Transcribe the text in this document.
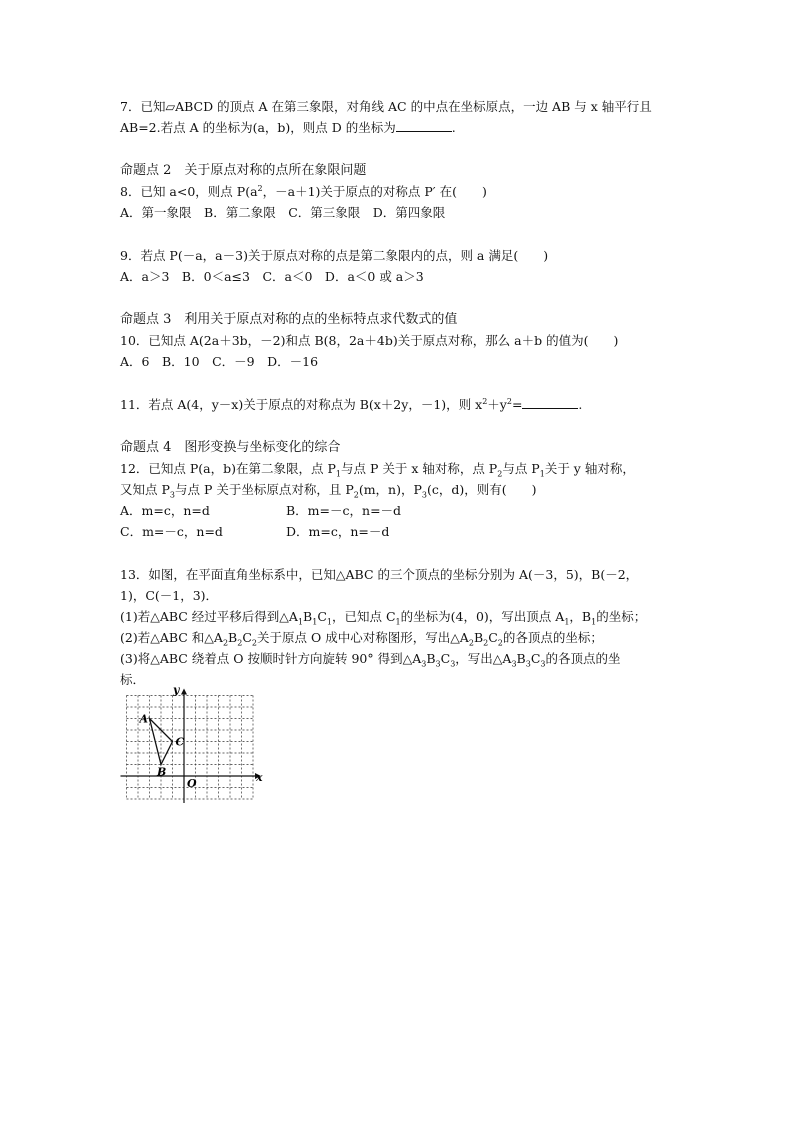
7．已知▱ABCD 的顶点 A 在第三象限，对角线 AC 的中点在坐标原点，一边 AB 与 x 轴平行且
AB=2.若点 A 的坐标为(a，b)，则点 D 的坐标为	.
命题点 2　关于原点对称的点所在象限问题
8．已知 a<0，则点 $P(a^2$，－a＋1)关于原点的对称点 P′ 在(　　)
A．第一象限　B．第二象限　C．第三象限　D．第四象限
9．若点 P(－a，a－3)关于原点对称的点是第二象限内的点，则 a 满足(　　)
A．a＞3　B．0＜a≤3　C．a＜0　D．a＜0 或 a＞3
命题点 3　利用关于原点对称的点的坐标特点求代数式的值
10．已知点 A(2a＋3b，－2)和点 B(8，2a＋4b)关于原点对称，那么 a＋b 的值为(　　)
A．6　B．10　C．－9　D．－16
11．若点 A(4，y－x)关于原点的对称点为 B(x＋2y，－1)，则 $x^2+y^2=$	.
命题点 4　图形变换与坐标变化的综合
12．已知点 P(a，b)在第二象限，点 $P_1$与点 P 关于 x 轴对称，点 $P_2$与点 $P_1$关于 y 轴对称，
又知点 $P_3$与点 P 关于坐标原点对称，且 $P_2(m$，n)，$P_3(c$，d)，则有(　　)
A．m=c，n=d	B．m=－c，n=－d
C．m=－c，n=d	D．m=c，n=－d
13．如图，在平面直角坐标系中，已知△ABC 的三个顶点的坐标分别为 A(－3，5)，B(－2，
1)，C(－1，3)．
(1)若△ABC 经过平移后得到$\triangle A_1B_1C_1$，已知点 $C_1$的坐标为(4，0)，写出顶点 $A_1$，$B_1$的坐标；
(2)若△ABC 和$\triangle A_2B_2C_2$关于原点 O 成中心对称图形，写出$\triangle A_2B_2C_2$的各顶点的坐标；
(3)将△ABC 绕着点 O 按顺时针方向旋转 90° 得到$\triangle A_3B_3C_3$，写出$\triangle A_3B_3C_3$的各顶点的坐
标．
A
B
C
O	x
y
